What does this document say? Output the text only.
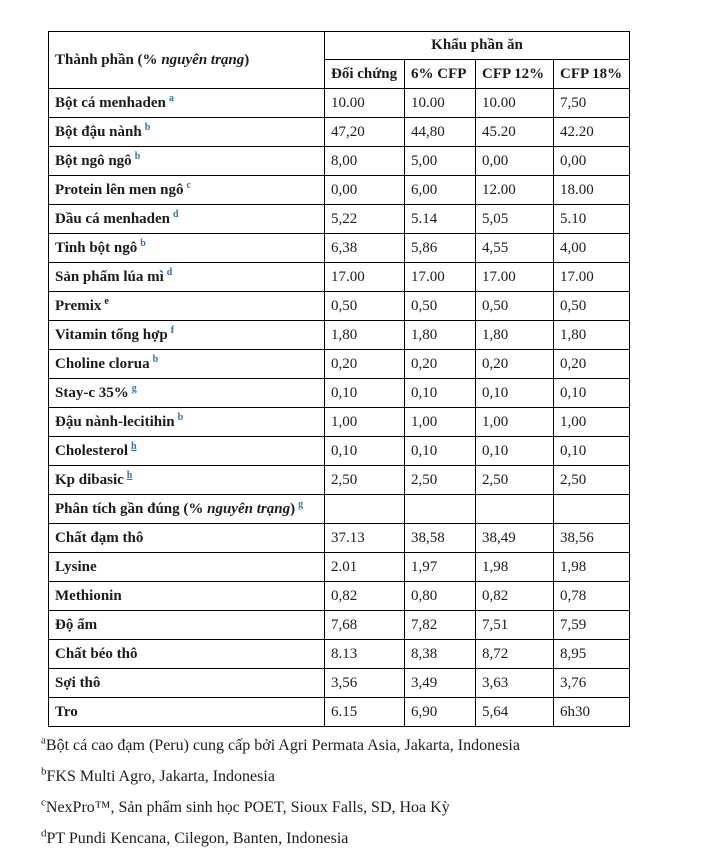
Thành phần (% nguyên trạng)	Khẩu phần ăn			
	Đối chứng	6% CFP	CFP 12%	CFP 18%
Bột cá menhaden $^a$	10.00	10.00	10.00	7,50
Bột đậu nành $^b$	47,20	44,80	45.20	42.20
Bột ngô ngô $^b$	8,00	5,00	0,00	0,00
Protein lên men ngô $^c$	0,00	6,00	12.00	18.00
Dầu cá menhaden $^d$	5,22	5.14	5,05	5.10
Tinh bột ngô $^b$	6,38	5,86	4,55	4,00
Sản phẩm lúa mì $^d$	17.00	17.00	17.00	17.00
Premix $^e$	0,50	0,50	0,50	0,50
Vitamin tổng hợp $^f$	1,80	1,80	1,80	1,80
Choline clorua $^b$	0,20	0,20	0,20	0,20
Stay-c 35% $^g$	0,10	0,10	0,10	0,10
Đậu nành-lecitihin $^b$	1,00	1,00	1,00	1,00
Cholesterol $^h$	0,10	0,10	0,10	0,10
Kp dibasic $^h$	2,50	2,50	2,50	2,50
Phân tích gần đúng (% nguyên trạng) $^g$				
Chất đạm thô	37.13	38,58	38,49	38,56
Lysine	2.01	1,97	1,98	1,98
Methionin	0,82	0,80	0,82	0,78
Độ ẩm	7,68	7,82	7,51	7,59
Chất béo thô	8.13	8,38	8,72	8,95
Sợi thô	3,56	3,49	3,63	3,76
Tro	6.15	6,90	5,64	6h30
$^a$Bột cá cao đạm (Peru) cung cấp bởi Agri Permata Asia, Jakarta, Indonesia
$^b$FKS Multi Agro, Jakarta, Indonesia
$^c$NexPro™, Sản phẩm sinh học POET, Sioux Falls, SD, Hoa Kỳ
$^d$PT Pundi Kencana, Cilegon, Banten, Indonesia
